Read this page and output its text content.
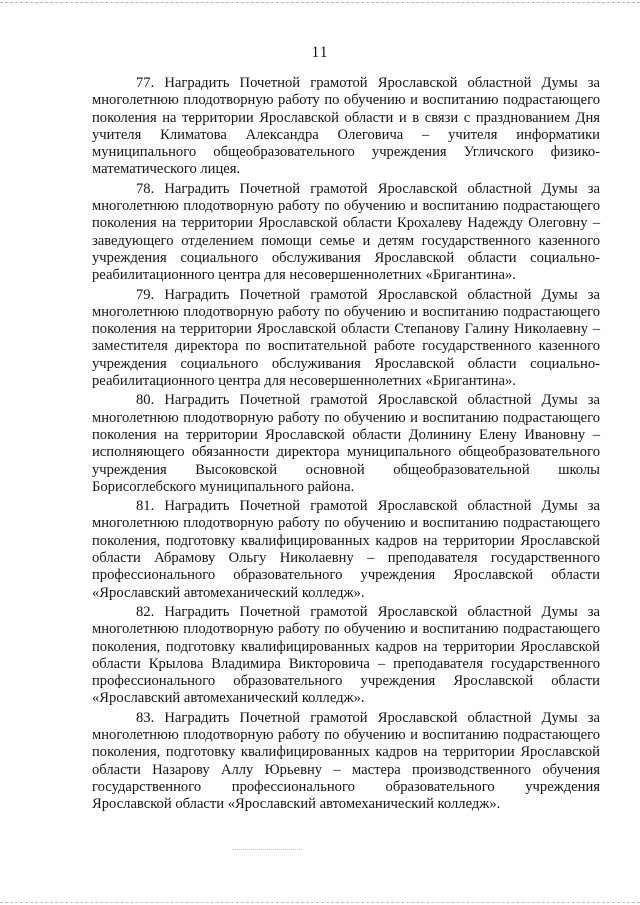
11

77. Наградить Почетной грамотой Ярославской областной Думы за многолетнюю плодотворную работу по обучению и воспитанию подрастающего поколения на территории Ярославской области и в связи с празднованием Дня учителя Климатова Александра Олеговича – учителя информатики муниципального общеобразовательного учреждения Угличского физико-математического лицея.

78. Наградить Почетной грамотой Ярославской областной Думы за многолетнюю плодотворную работу по обучению и воспитанию подрастающего поколения на территории Ярославской области Крохалеву Надежду Олеговну – заведующего отделением помощи семье и детям государственного казенного учреждения социального обслуживания Ярославской области социально-реабилитационного центра для несовершеннолетних «Бригантина».

79. Наградить Почетной грамотой Ярославской областной Думы за многолетнюю плодотворную работу по обучению и воспитанию подрастающего поколения на территории Ярославской области Степанову Галину Николаевну – заместителя директора по воспитательной работе государственного казенного учреждения социального обслуживания Ярославской области социально-реабилитационного центра для несовершеннолетних «Бригантина».

80. Наградить Почетной грамотой Ярославской областной Думы за многолетнюю плодотворную работу по обучению и воспитанию подрастающего поколения на территории Ярославской области Долинину Елену Ивановну – исполняющего обязанности директора муниципального общеобразовательного учреждения Высоковской основной общеобразовательной школы Борисоглебского муниципального района.

81. Наградить Почетной грамотой Ярославской областной Думы за многолетнюю плодотворную работу по обучению и воспитанию подрастающего поколения, подготовку квалифицированных кадров на территории Ярославской области Абрамову Ольгу Николаевну – преподавателя государственного профессионального образовательного учреждения Ярославской области «Ярославский автомеханический колледж».

82. Наградить Почетной грамотой Ярославской областной Думы за многолетнюю плодотворную работу по обучению и воспитанию подрастающего поколения, подготовку квалифицированных кадров на территории Ярославской области Крылова Владимира Викторовича – преподавателя государственного профессионального образовательного учреждения Ярославской области «Ярославский автомеханический колледж».

83. Наградить Почетной грамотой Ярославской областной Думы за многолетнюю плодотворную работу по обучению и воспитанию подрастающего поколения, подготовку квалифицированных кадров на территории Ярославской области Назарову Аллу Юрьевну – мастера производственного обучения государственного профессионального образовательного учреждения Ярославской области «Ярославский автомеханический колледж».
